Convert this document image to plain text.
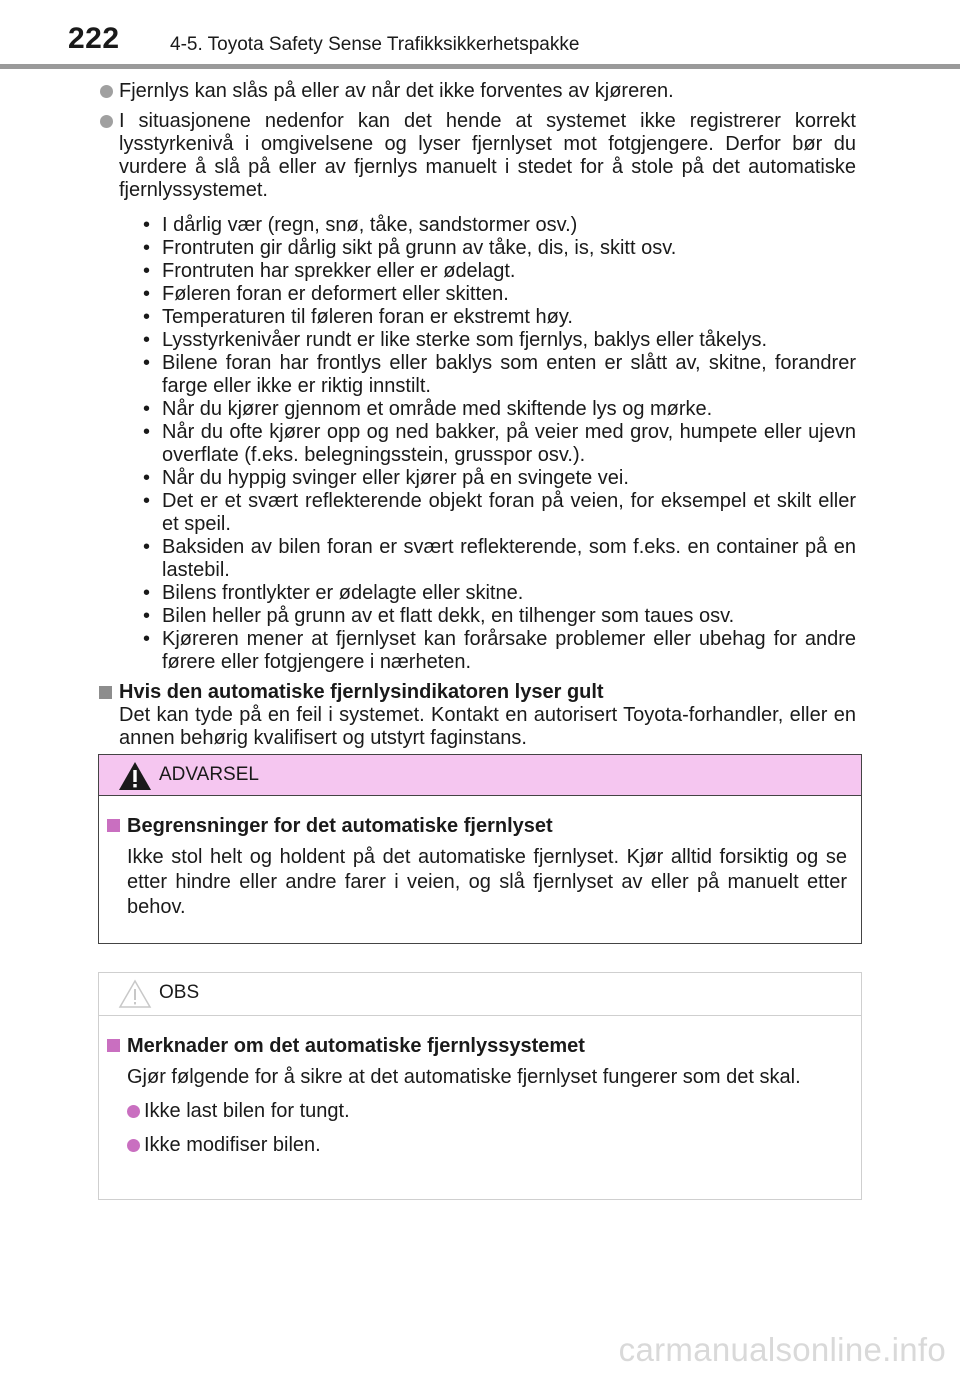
222	4-5. Toyota Safety Sense Trafikksikkerhetspakke
Fjernlys kan slås på eller av når det ikke forventes av kjøreren.
I situasjonene nedenfor kan det hende at systemet ikke registrerer korrekt lysstyrkenivå i omgivelsene og lyser fjernlyset mot fotgjengere. Derfor bør du vurdere å slå på eller av fjernlys manuelt i stedet for å stole på det automatiske fjernlyssystemet.
• I dårlig vær (regn, snø, tåke, sandstormer osv.)
• Frontruten gir dårlig sikt på grunn av tåke, dis, is, skitt osv.
• Frontruten har sprekker eller er ødelagt.
• Føleren foran er deformert eller skitten.
• Temperaturen til føleren foran er ekstremt høy.
• Lysstyrkenivåer rundt er like sterke som fjernlys, baklys eller tåkelys.
• Bilene foran har frontlys eller baklys som enten er slått av, skitne, forandrer farge eller ikke er riktig innstilt.
• Når du kjører gjennom et område med skiftende lys og mørke.
• Når du ofte kjører opp og ned bakker, på veier med grov, humpete eller ujevn overflate (f.eks. belegningsstein, grusspor osv.).
• Når du hyppig svinger eller kjører på en svingete vei.
• Det er et svært reflekterende objekt foran på veien, for eksempel et skilt eller et speil.
• Baksiden av bilen foran er svært reflekterende, som f.eks. en container på en lastebil.
• Bilens frontlykter er ødelagte eller skitne.
• Bilen heller på grunn av et flatt dekk, en tilhenger som taues osv.
• Kjøreren mener at fjernlyset kan forårsake problemer eller ubehag for andre førere eller fotgjengere i nærheten.
Hvis den automatiske fjernlysindikatoren lyser gult
Det kan tyde på en feil i systemet. Kontakt en autorisert Toyota-forhandler, eller en annen behørig kvalifisert og utstyrt faginstans.
ADVARSEL
Begrensninger for det automatiske fjernlyset
Ikke stol helt og holdent på det automatiske fjernlyset. Kjør alltid forsiktig og se etter hindre eller andre farer i veien, og slå fjernlyset av eller på manuelt etter behov.
OBS
Merknader om det automatiske fjernlyssystemet
Gjør følgende for å sikre at det automatiske fjernlyset fungerer som det skal.
Ikke last bilen for tungt.
Ikke modifiser bilen.
carmanualsonline.info
